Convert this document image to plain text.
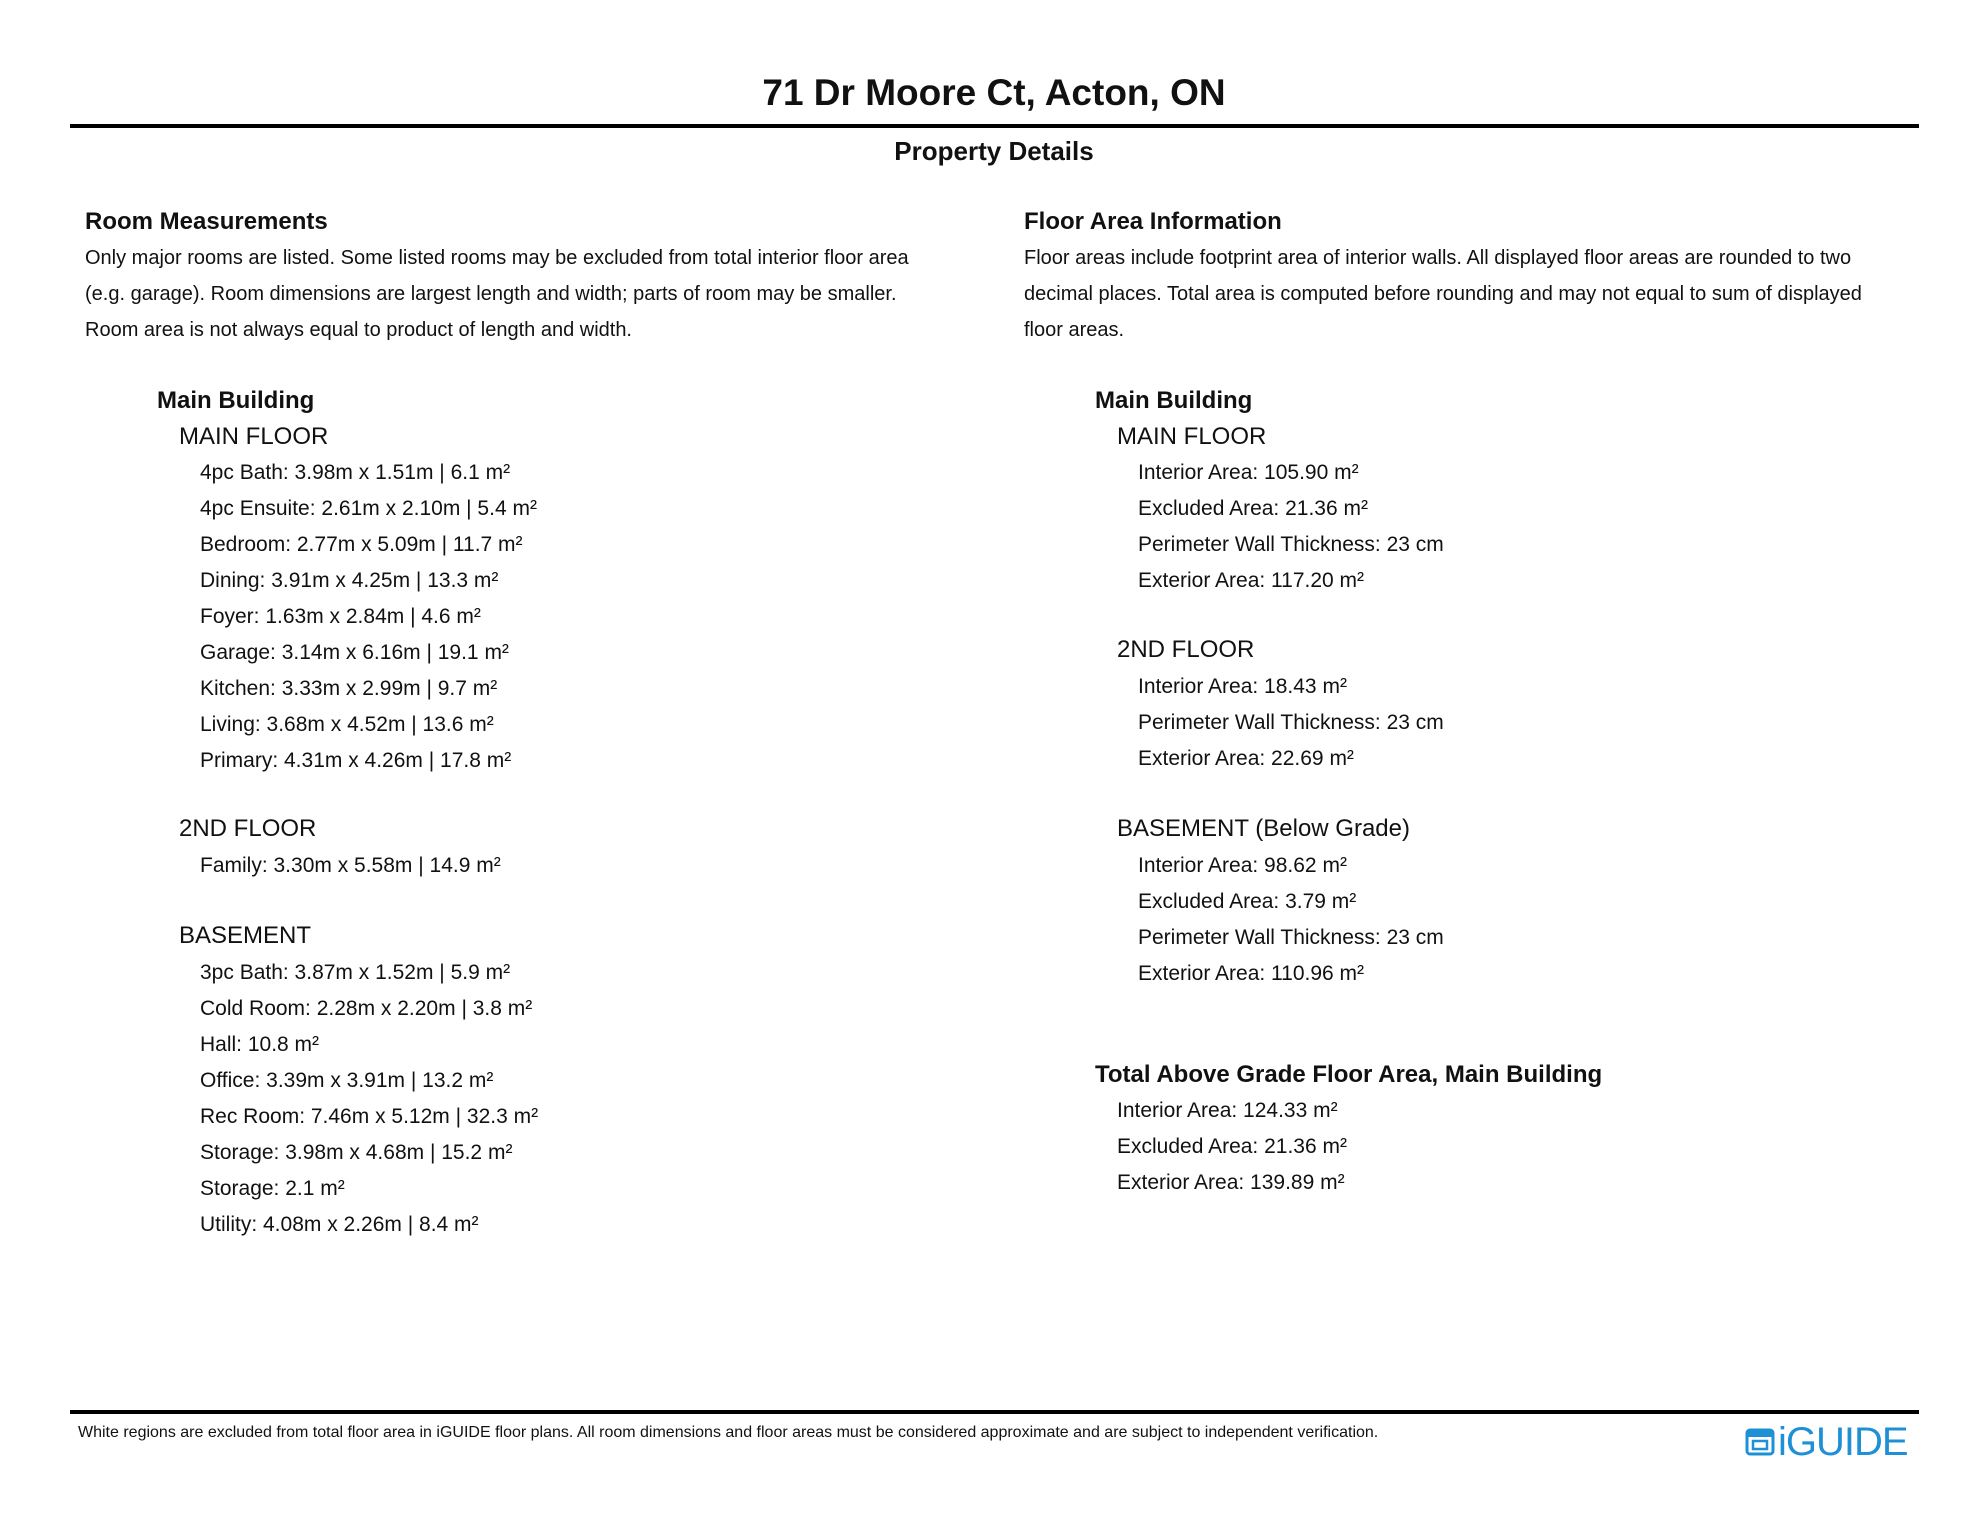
71 Dr Moore Ct, Acton, ON
Property Details
Room Measurements

Only major rooms are listed. Some listed rooms may be excluded from total interior floor area
(e.g. garage). Room dimensions are largest length and width; parts of room may be smaller.
Room area is not always equal to product of length and width.

Main Building
MAIN FLOOR
4pc Bath: 3.98m x 1.51m | 6.1 m²
4pc Ensuite: 2.61m x 2.10m | 5.4 m²
Bedroom: 2.77m x 5.09m | 11.7 m²
Dining: 3.91m x 4.25m | 13.3 m²
Foyer: 1.63m x 2.84m | 4.6 m²
Garage: 3.14m x 6.16m | 19.1 m²
Kitchen: 3.33m x 2.99m | 9.7 m²
Living: 3.68m x 4.52m | 13.6 m²
Primary: 4.31m x 4.26m | 17.8 m²
2ND FLOOR
Family: 3.30m x 5.58m | 14.9 m²
BASEMENT
3pc Bath: 3.87m x 1.52m | 5.9 m²
Cold Room: 2.28m x 2.20m | 3.8 m²
Hall: 10.8 m²
Office: 3.39m x 3.91m | 13.2 m²
Rec Room: 7.46m x 5.12m | 32.3 m²
Storage: 3.98m x 4.68m | 15.2 m²
Storage: 2.1 m²
Utility: 4.08m x 2.26m | 8.4 m²
Floor Area Information

Floor areas include footprint area of interior walls. All displayed floor areas are rounded to two
decimal places. Total area is computed before rounding and may not equal to sum of displayed
floor areas.

Main Building
MAIN FLOOR
Interior Area: 105.90 m²
Excluded Area: 21.36 m²
Perimeter Wall Thickness: 23 cm
Exterior Area: 117.20 m²
2ND FLOOR
Interior Area: 18.43 m²
Perimeter Wall Thickness: 23 cm
Exterior Area: 22.69 m²
BASEMENT (Below Grade)
Interior Area: 98.62 m²
Excluded Area: 3.79 m²
Perimeter Wall Thickness: 23 cm
Exterior Area: 110.96 m²
Total Above Grade Floor Area, Main Building
Interior Area: 124.33 m²
Excluded Area: 21.36 m²
Exterior Area: 139.89 m²
White regions are excluded from total floor area in iGUIDE floor plans. All room dimensions and floor areas must be considered approximate and are subject to independent verification.	iGUIDE
